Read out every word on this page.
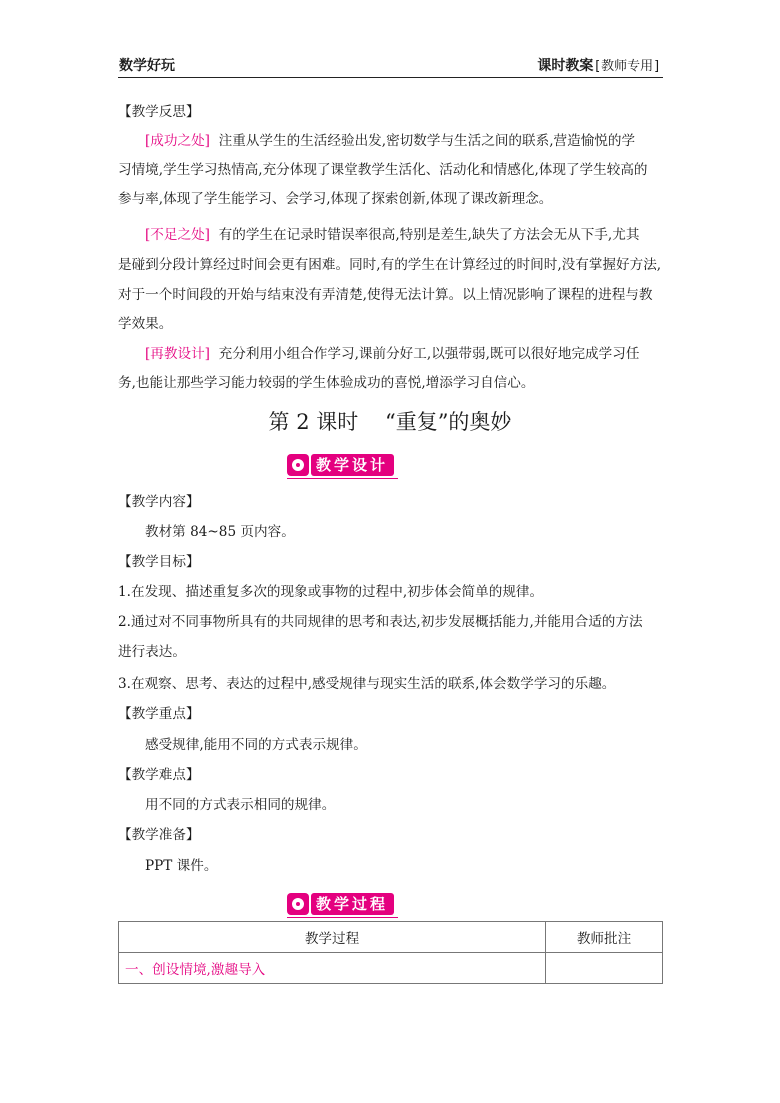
数学好玩	课时教案[教师专用]
【教学反思】
[成功之处] 注重从学生的生活经验出发,密切数学与生活之间的联系,营造愉悦的学
习情境,学生学习热情高,充分体现了课堂教学生活化、活动化和情感化,体现了学生较高的
参与率,体现了学生能学习、会学习,体现了探索创新,体现了课改新理念。
[不足之处] 有的学生在记录时错误率很高,特别是差生,缺失了方法会无从下手,尤其
是碰到分段计算经过时间会更有困难。同时,有的学生在计算经过的时间时,没有掌握好方法,
对于一个时间段的开始与结束没有弄清楚,使得无法计算。以上情况影响了课程的进程与教
学效果。
[再教设计] 充分利用小组合作学习,课前分好工,以强带弱,既可以很好地完成学习任
务,也能让那些学习能力较弱的学生体验成功的喜悦,增添学习自信心。
第 2 课时    “重复”的奥妙
教学设计
【教学内容】
教材第 84~85 页内容。
【教学目标】
1.在发现、描述重复多次的现象或事物的过程中,初步体会简单的规律。
2.通过对不同事物所具有的共同规律的思考和表达,初步发展概括能力,并能用合适的方法
进行表达。
3.在观察、思考、表达的过程中,感受规律与现实生活的联系,体会数学学习的乐趣。
【教学重点】
感受规律,能用不同的方式表示规律。
【教学难点】
用不同的方式表示相同的规律。
【教学准备】
PPT 课件。
教学过程
教学过程	教师批注
一、创设情境,激趣导入	
